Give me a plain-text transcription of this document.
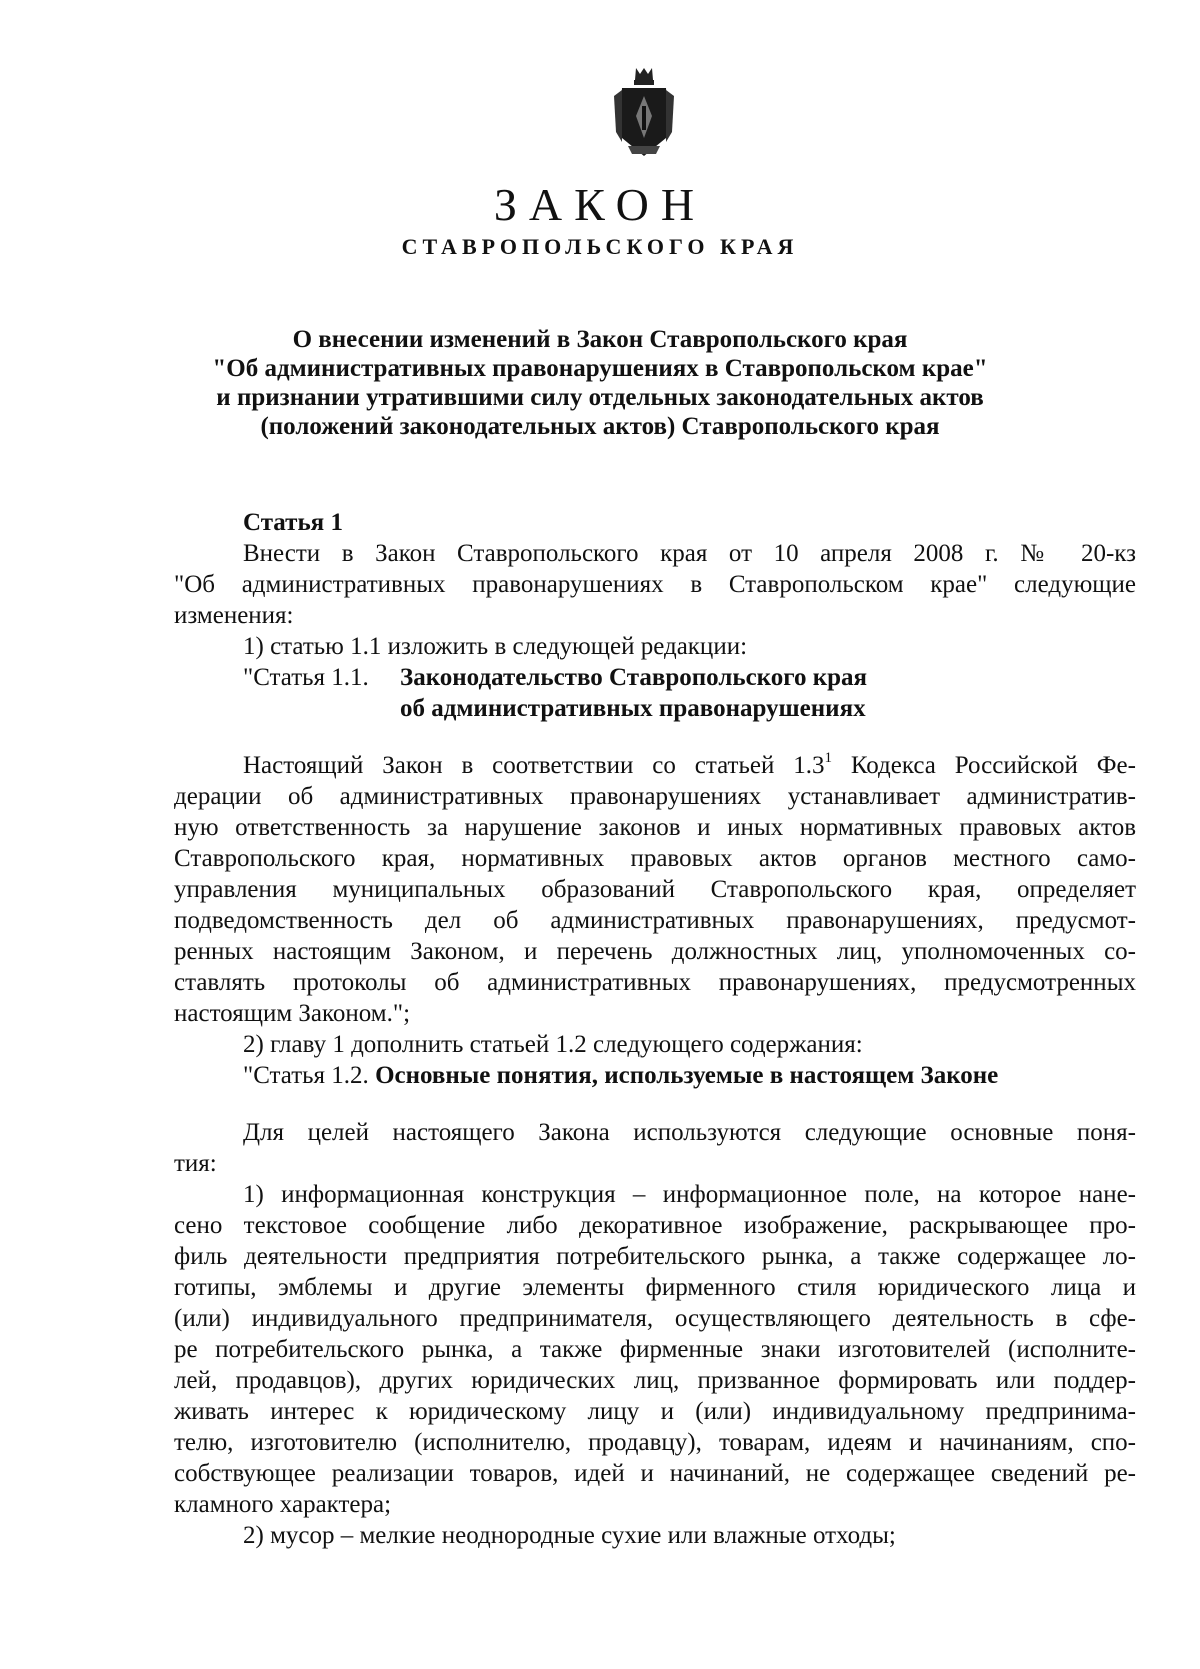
ЗАКОН
СТАВРОПОЛЬСКОГО КРАЯ
О внесении изменений в Закон Ставропольского края
"Об административных правонарушениях в Ставропольском крае"
и признании утратившими силу отдельных законодательных актов
(положений законодательных актов) Ставропольского края
Статья 1
Внести в Закон Ставропольского края от 10 апреля 2008 г. № 20-кз
"Об административных правонарушениях в Ставропольском крае" следующие
изменения:
1) статью 1.1 изложить в следующей редакции:
"Статья 1.1. Законодательство Ставропольского края
об административных правонарушениях
Настоящий Закон в соответствии со статьей $1.3^1$ Кодекса Российской Фе-
дерации об административных правонарушениях устанавливает административ-
ную ответственность за нарушение законов и иных нормативных правовых актов
Ставропольского края, нормативных правовых актов органов местного само-
управления муниципальных образований Ставропольского края, определяет
подведомственность дел об административных правонарушениях, предусмот-
ренных настоящим Законом, и перечень должностных лиц, уполномоченных со-
ставлять протоколы об административных правонарушениях, предусмотренных
настоящим Законом.";
2) главу 1 дополнить статьей 1.2 следующего содержания:
"Статья 1.2. Основные понятия, используемые в настоящем Законе
Для целей настоящего Закона используются следующие основные поня-
тия:
1) информационная конструкция – информационное поле, на которое нане-
сено текстовое сообщение либо декоративное изображение, раскрывающее про-
филь деятельности предприятия потребительского рынка, а также содержащее ло-
готипы, эмблемы и другие элементы фирменного стиля юридического лица и
(или) индивидуального предпринимателя, осуществляющего деятельность в сфе-
ре потребительского рынка, а также фирменные знаки изготовителей (исполните-
лей, продавцов), других юридических лиц, призванное формировать или поддер-
живать интерес к юридическому лицу и (или) индивидуальному предпринима-
телю, изготовителю (исполнителю, продавцу), товарам, идеям и начинаниям, спо-
собствующее реализации товаров, идей и начинаний, не содержащее сведений ре-
кламного характера;
2) мусор – мелкие неоднородные сухие или влажные отходы;
